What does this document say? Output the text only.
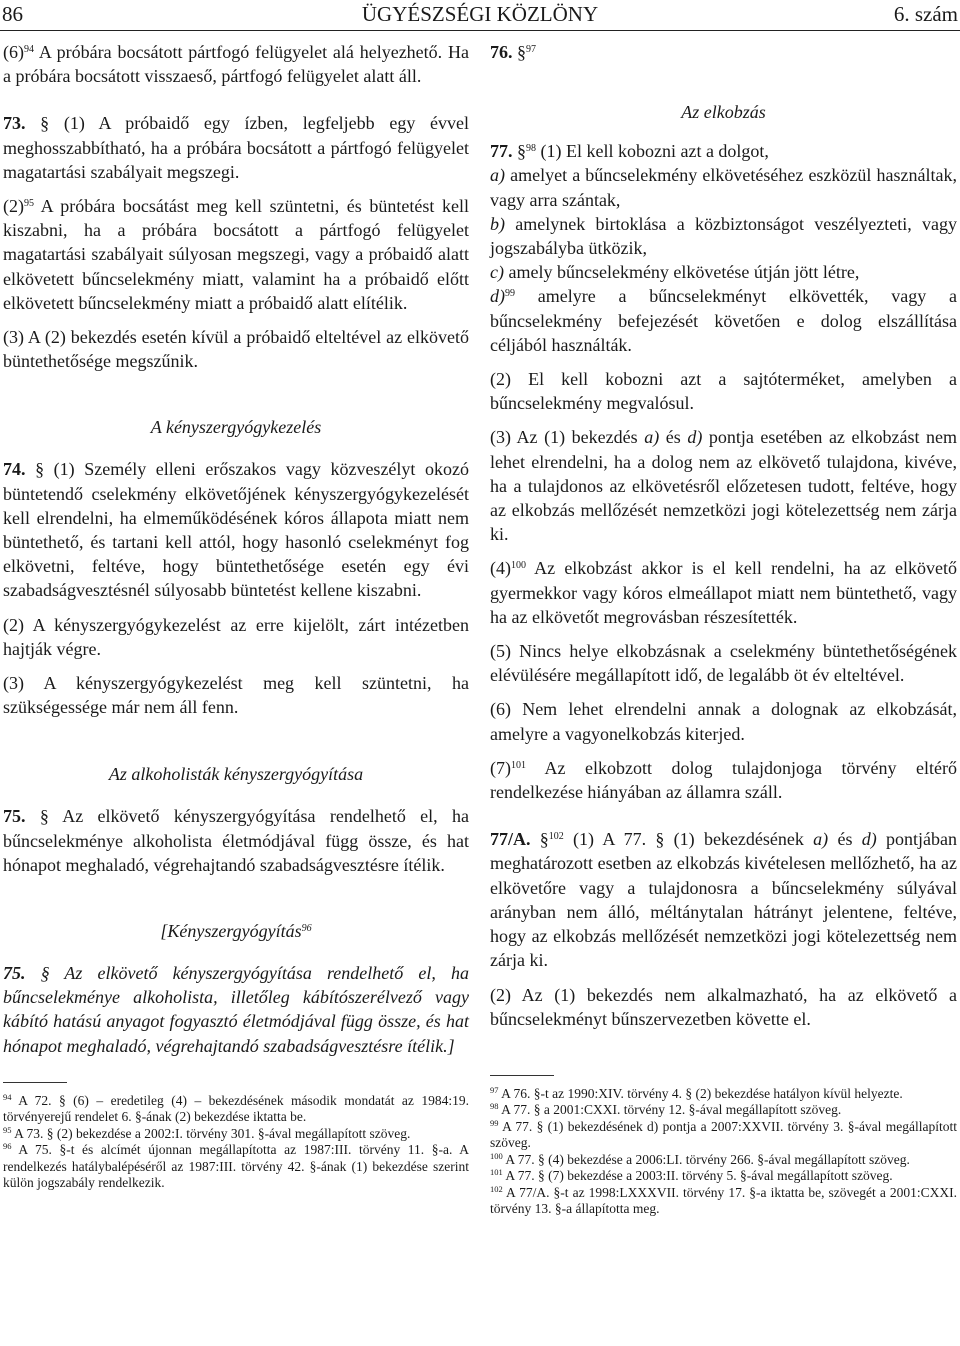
86	ÜGYÉSZSÉGI KÖZLÖNY	6. szám

$(6)^{94}$ A próbára bocsátott pártfogó felügyelet alá helyezhető. Ha a próbára bocsátott visszaeső, pártfogó felügyelet alatt áll.

73. § (1) A próbaidő egy ízben, legfeljebb egy évvel meghosszabbítható, ha a próbára bocsátott a pártfogó felügyelet magatartási szabályait megszegi.

$(2)^{95}$ A próbára bocsátást meg kell szüntetni, és büntetést kell kiszabni, ha a próbára bocsátott a pártfogó felügyelet magatartási szabályait súlyosan megszegi, vagy a próbaidő alatt elkövetett bűncselekmény miatt, valamint ha a próbaidő előtt elkövetett bűncselekmény miatt a próbaidő alatt elítélik.

(3) A (2) bekezdés esetén kívül a próbaidő elteltével az elkövető büntethetősége megszűnik.

A kényszergyógykezelés

74. § (1) Személy elleni erőszakos vagy közveszélyt okozó büntetendő cselekmény elkövetőjének kényszergyógykezelését kell elrendelni, ha elmeműködésének kóros állapota miatt nem büntethető, és tartani kell attól, hogy hasonló cselekményt fog elkövetni, feltéve, hogy büntethetősége esetén egy évi szabadságvesztésnél súlyosabb büntetést kellene kiszabni.

(2) A kényszergyógykezelést az erre kijelölt, zárt intézetben hajtják végre.

(3) A kényszergyógykezelést meg kell szüntetni, ha szükségessége már nem áll fenn.

Az alkoholisták kényszergyógyítása

75. § Az elkövető kényszergyógyítása rendelhető el, ha bűncselekménye alkoholista életmódjával függ össze, és hat hónapot meghaladó, végrehajtandó szabadságvesztésre ítélik.

[Kényszergyógyítás$^{96}$

75. § Az elkövető kényszergyógyítása rendelhető el, ha bűncselekménye alkoholista, illetőleg kábítószerélvező vagy kábító hatású anyagot fogyasztó életmódjával függ össze, és hat hónapot meghaladó, végrehajtandó szabadságvesztésre ítélik.]

$^{94}$ A 72. § (6) – eredetileg (4) – bekezdésének második mondatát az 1984:19. törvényerejű rendelet 6. §-ának (2) bekezdése iktatta be.

$^{95}$ A 73. § (2) bekezdése a 2002:I. törvény 301. §-ával megállapított szöveg.

$^{96}$ A 75. §-t és alcímét újonnan megállapította az 1987:III. törvény 11. §-a. A rendelkezés hatálybalépéséről az 1987:III. törvény 42. §-ának (1) bekezdése szerint külön jogszabály rendelkezik.

76. §$^{97}$

Az elkobzás

77. §$^{98}$ (1) El kell kobozni azt a dolgot,

a) amelyet a bűncselekmény elkövetéséhez eszközül használtak, vagy arra szántak,

b) amelynek birtoklása a közbiztonságot veszélyezteti, vagy jogszabályba ütközik,

c) amely bűncselekmény elkövetése útján jött létre,

d)$^{99}$ amelyre a bűncselekményt elkövették, vagy a bűncselekmény befejezését követően e dolog elszállítása céljából használták.

(2) El kell kobozni azt a sajtóterméket, amelyben a bűncselekmény megvalósul.

(3) Az (1) bekezdés a) és d) pontja esetében az elkobzást nem lehet elrendelni, ha a dolog nem az elkövető tulajdona, kivéve, ha a tulajdonos az elkövetésről előzetesen tudott, feltéve, hogy az elkobzás mellőzését nemzetközi jogi kötelezettség nem zárja ki.

$(4)^{100}$ Az elkobzást akkor is el kell rendelni, ha az elkövető gyermekkor vagy kóros elmeállapot miatt nem büntethető, vagy ha az elkövetőt megrovásban részesítették.

(5) Nincs helye elkobzásnak a cselekmény büntethetőségének elévülésére megállapított idő, de legalább öt év elteltével.

(6) Nem lehet elrendelni annak a dolognak az elkobzását, amelyre a vagyonelkobzás kiterjed.

$(7)^{101}$ Az elkobzott dolog tulajdonjoga törvény eltérő rendelkezése hiányában az államra száll.

77/A. §$^{102}$ (1) A 77. § (1) bekezdésének a) és d) pontjában meghatározott esetben az elkobzás kivételesen mellőzhető, ha az elkövetőre vagy a tulajdonosra a bűncselekmény súlyával arányban nem álló, méltánytalan hátrányt jelentene, feltéve, hogy az elkobzás mellőzését nemzetközi jogi kötelezettség nem zárja ki.

(2) Az (1) bekezdés nem alkalmazható, ha az elkövető a bűncselekményt bűnszervezetben követte el.

$^{97}$ A 76. §-t az 1990:XIV. törvény 4. § (2) bekezdése hatályon kívül helyezte.

$^{98}$ A 77. § a 2001:CXXI. törvény 12. §-ával megállapított szöveg.

$^{99}$ A 77. § (1) bekezdésének d) pontja a 2007:XXVII. törvény 3. §-ával megállapított szöveg.

$^{100}$ A 77. § (4) bekezdése a 2006:LI. törvény 266. §-ával megállapított szöveg.

$^{101}$ A 77. § (7) bekezdése a 2003:II. törvény 5. §-ával megállapított szöveg.

$^{102}$ A 77/A. §-t az 1998:LXXXVII. törvény 17. §-a iktatta be, szövegét a 2001:CXXI. törvény 13. §-a állapította meg.
